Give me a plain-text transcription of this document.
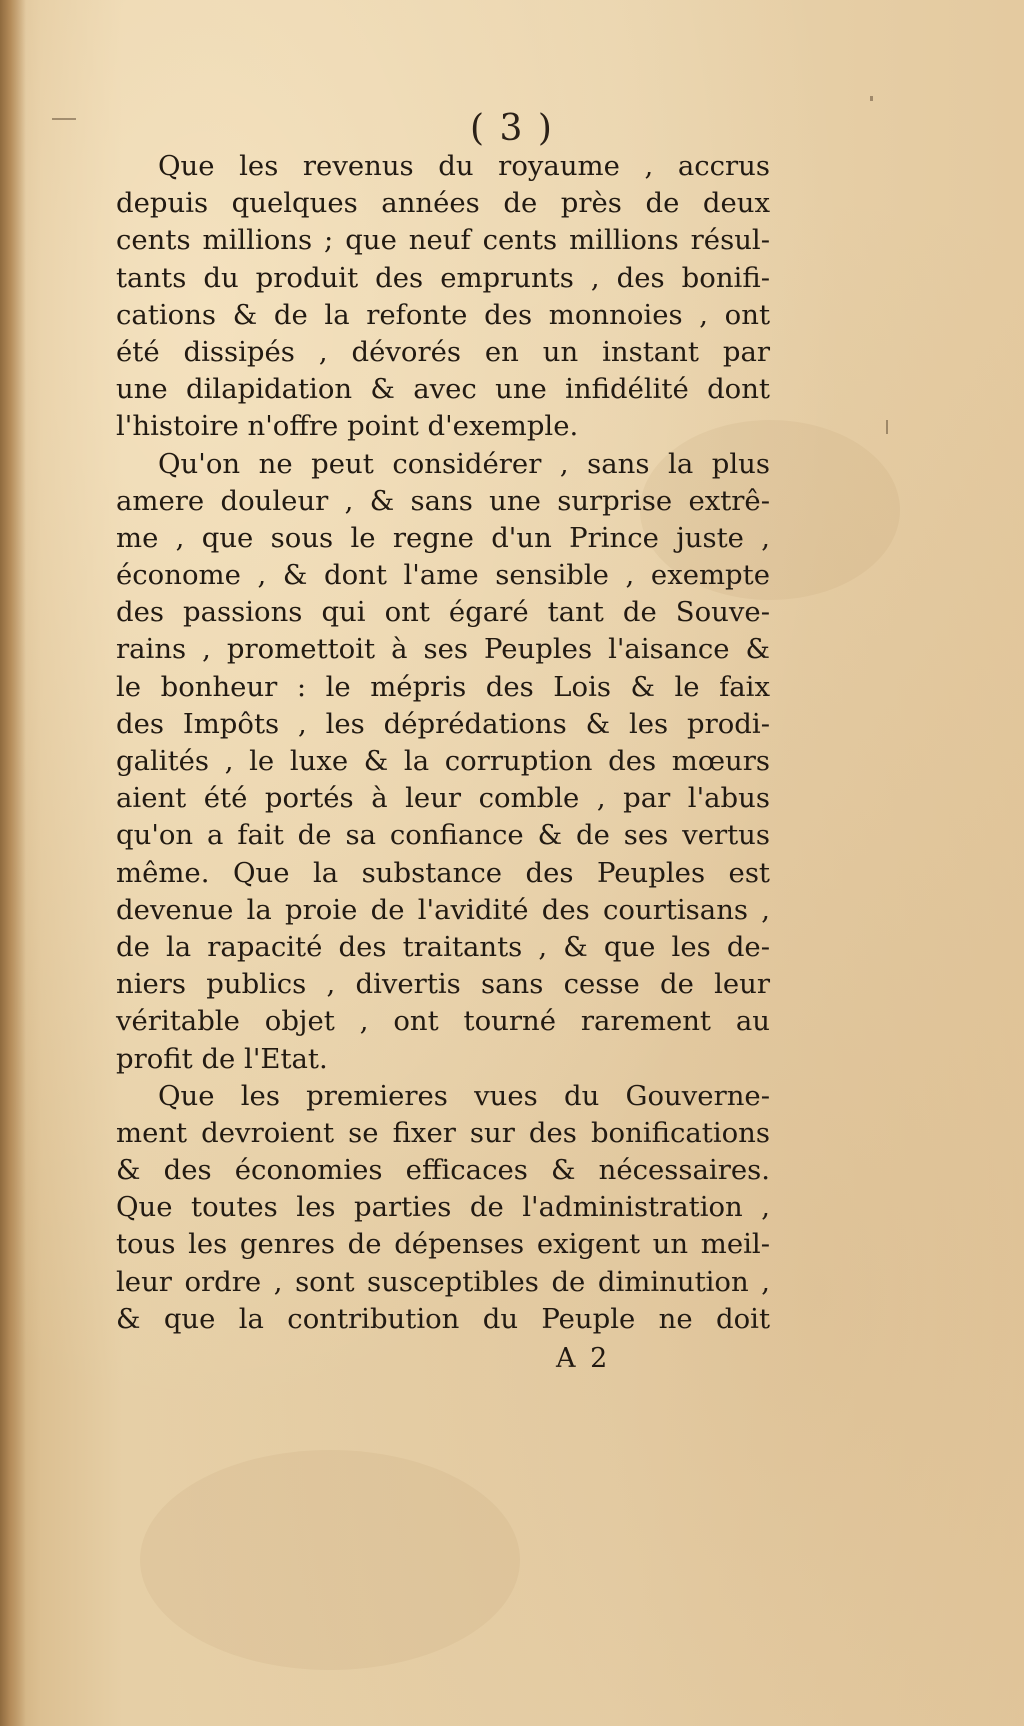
( 3 )

Que les revenus du royaume , accrus
depuis quelques années de près de deux
cents millions ; que neuf cents millions résul-
tants du produit des emprunts , des bonifi-
cations & de la refonte des monnoies , ont
été dissipés , dévorés en un instant par
une dilapidation & avec une infidélité dont
l'histoire n'offre point d'exemple.

Qu'on ne peut considérer , sans la plus
amere douleur , & sans une surprise extrê-
me , que sous le regne d'un Prince juste ,
économe , & dont l'ame sensible , exempte
des passions qui ont égaré tant de Souve-
rains , promettoit à ses Peuples l'aisance &
le bonheur : le mépris des Lois & le faix
des Impôts , les déprédations & les prodi-
galités , le luxe & la corruption des mœurs
aient été portés à leur comble , par l'abus
qu'on a fait de sa confiance & de ses vertus
même. Que la substance des Peuples est
devenue la proie de l'avidité des courtisans ,
de la rapacité des traitants , & que les de-
niers publics , divertis sans cesse de leur
véritable objet , ont tourné rarement au
profit de l'Etat.

Que les premieres vues du Gouverne-
ment devroient se fixer sur des bonifications
& des économies efficaces & nécessaires.
Que toutes les parties de l'administration ,
tous les genres de dépenses exigent un meil-
leur ordre , sont susceptibles de diminution ,
& que la contribution du Peuple ne doit

A 2
